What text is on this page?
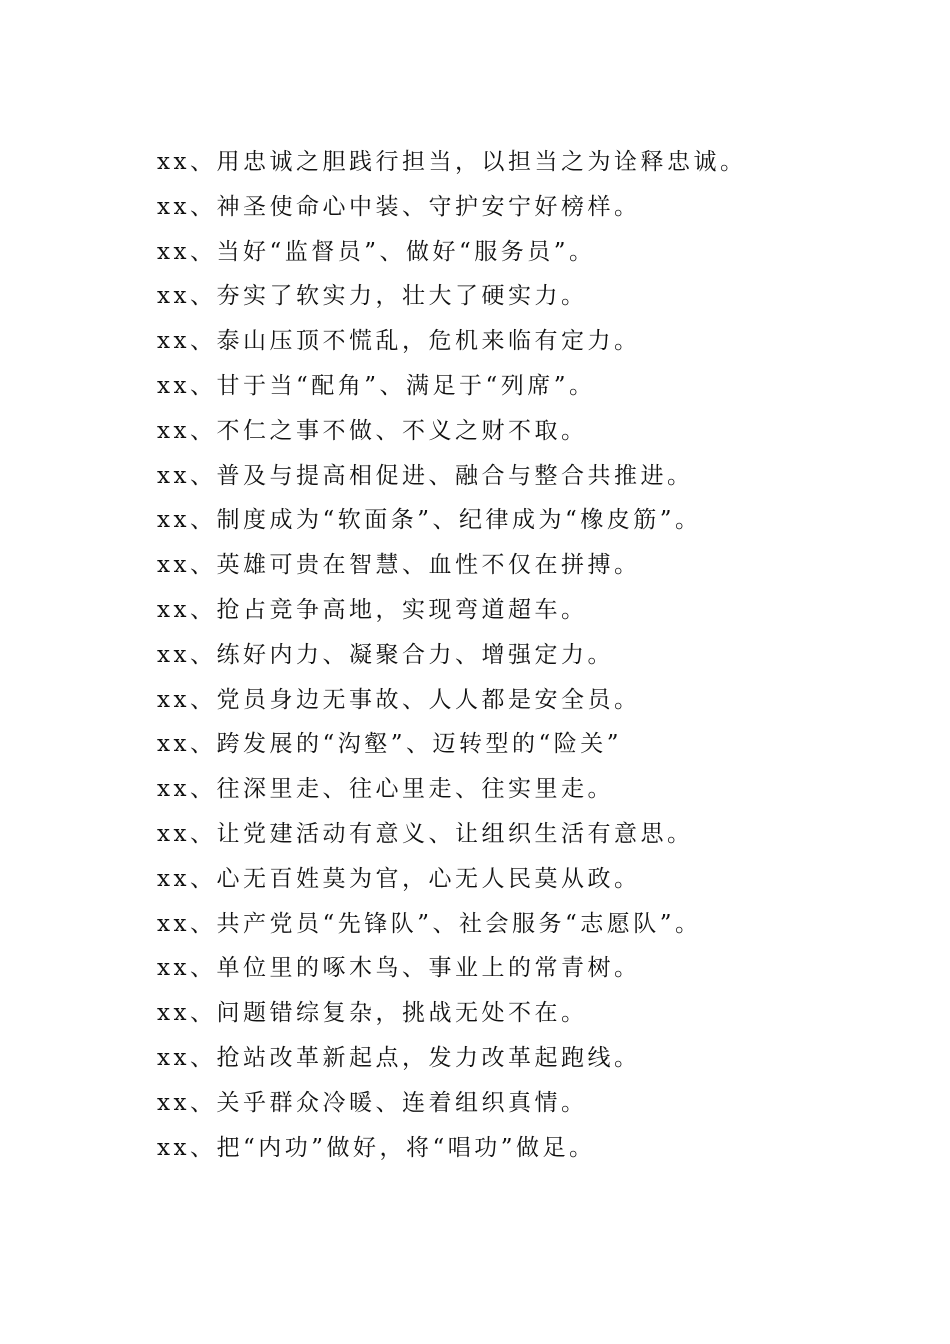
xx、用忠诚之胆践行担当，以担当之为诠释忠诚。
xx、神圣使命心中装、守护安宁好榜样。
xx、当好“监督员”、做好“服务员”。
xx、夯实了软实力，壮大了硬实力。
xx、泰山压顶不慌乱，危机来临有定力。
xx、甘于当“配角”、满足于“列席”。
xx、不仁之事不做、不义之财不取。
xx、普及与提高相促进、融合与整合共推进。
xx、制度成为“软面条”、纪律成为“橡皮筋”。
xx、英雄可贵在智慧、血性不仅在拼搏。
xx、抢占竞争高地，实现弯道超车。
xx、练好内力、凝聚合力、增强定力。
xx、党员身边无事故、人人都是安全员。
xx、跨发展的“沟壑”、迈转型的“险关”
xx、往深里走、往心里走、往实里走。
xx、让党建活动有意义、让组织生活有意思。
xx、心无百姓莫为官，心无人民莫从政。
xx、共产党员“先锋队”、社会服务“志愿队”。
xx、单位里的啄木鸟、事业上的常青树。
xx、问题错综复杂，挑战无处不在。
xx、抢站改革新起点，发力改革起跑线。
xx、关乎群众冷暖、连着组织真情。
xx、把“内功”做好，将“唱功”做足。
